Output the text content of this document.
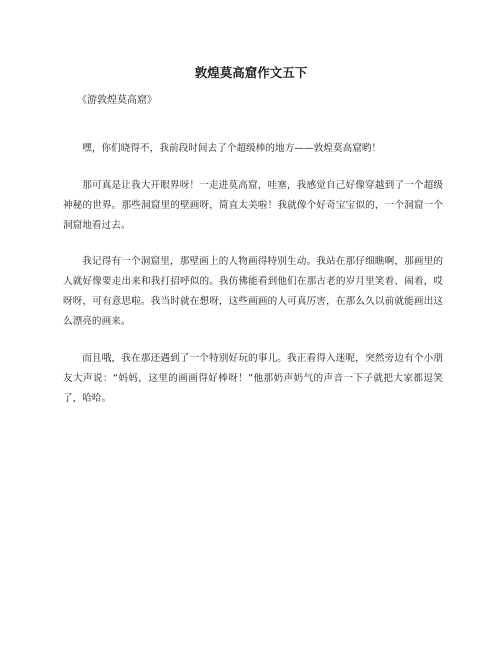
敦煌莫高窟作文五下

《游敦煌莫高窟》

嘿，你们晓得不，我前段时间去了个超级棒的地方——敦煌莫高窟哟！

那可真是让我大开眼界呀！一走进莫高窟，哇塞，我感觉自己好像穿越到了一个超级神秘的世界。那些洞窟里的壁画呀，简直太美啦！我就像个好奇宝宝似的，一个洞窟一个洞窟地看过去。

我记得有一个洞窟里，那壁画上的人物画得特别生动。我站在那仔细瞧啊，那画里的人就好像要走出来和我打招呼似的。我仿佛能看到他们在那古老的岁月里笑着、闹着，哎呀呀，可有意思啦。我当时就在想呀，这些画画的人可真厉害，在那么久以前就能画出这么漂亮的画来。

而且哦，我在那还遇到了一个特别好玩的事儿。我正看得入迷呢，突然旁边有个小朋友大声说：“妈妈，这里的画画得好棒呀！”他那奶声奶气的声音一下子就把大家都逗笑了，哈哈。
